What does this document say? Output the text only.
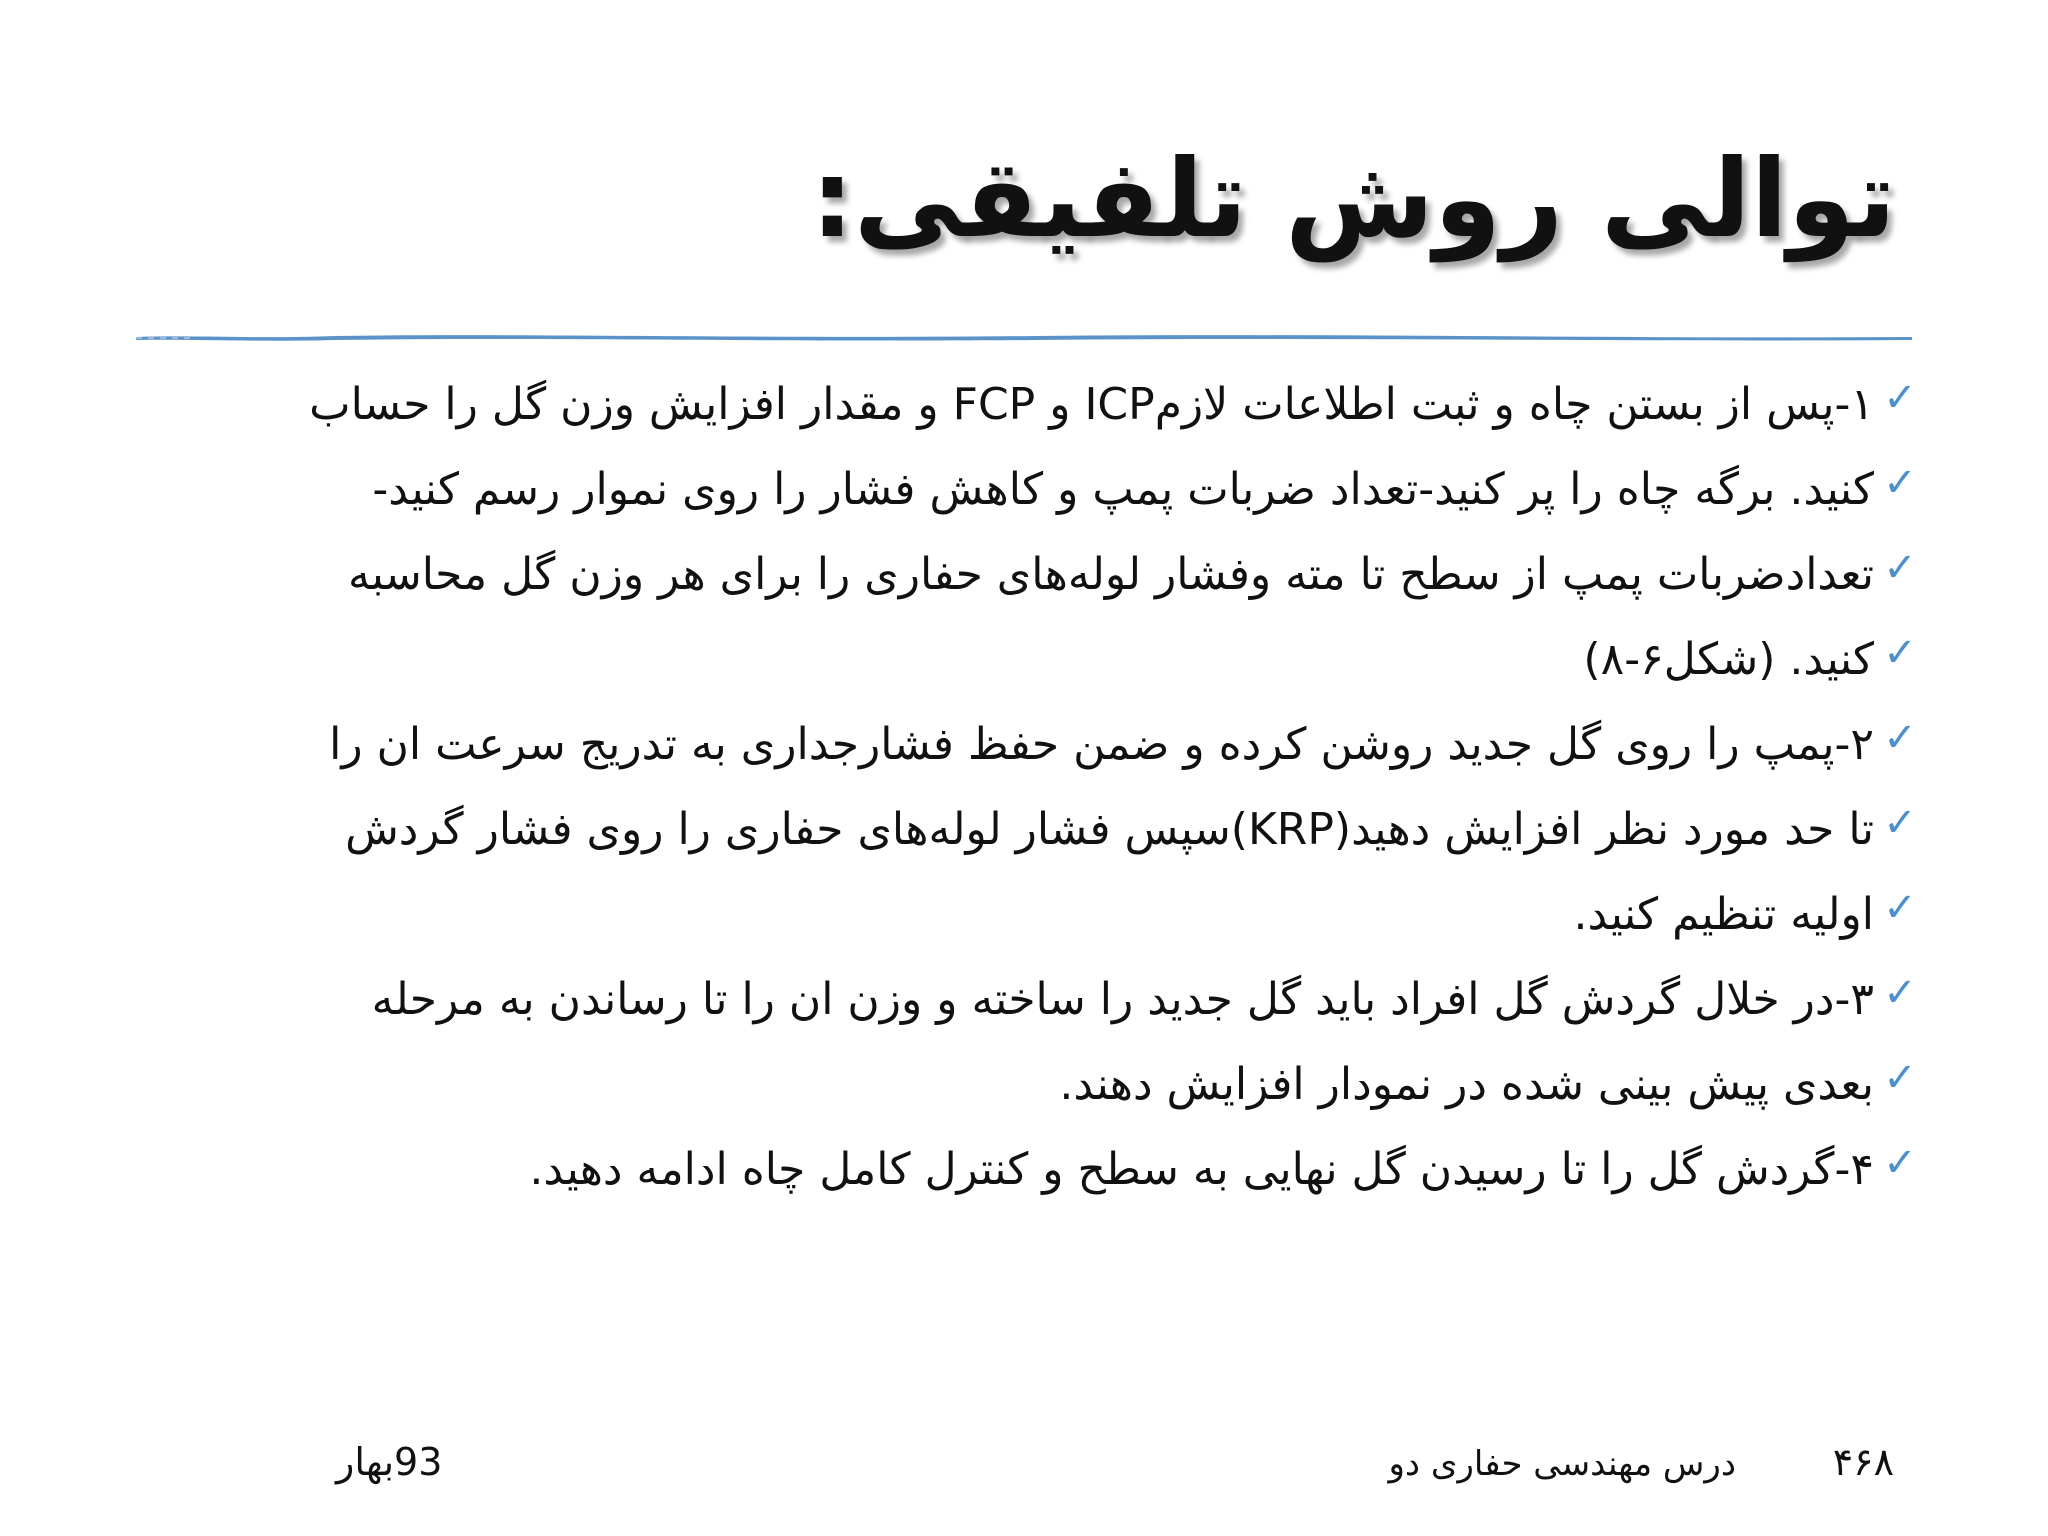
توالی روش تلفیقی:
✓
۱-پس از بستن چاه و ثبت اطلاعات لازمICP و FCP و مقدار افزایش وزن گل را حساب
✓
کنید. برگه چاه را پر کنید-تعداد ضربات پمپ و کاهش فشار را روی نموار رسم کنید-
✓
تعدادضربات پمپ از سطح تا مته وفشار لوله‌های حفاری را برای هر وزن گل محاسبه
✓
کنید. (شکل۶-۸)
✓
۲-پمپ را روی گل جدید روشن کرده و ضمن حفظ فشارجداری به تدریج سرعت ان را
✓
تا حد مورد نظر افزایش دهید(KRP)سپس فشار لوله‌های حفاری را روی فشار گردش
✓
اولیه تنظیم کنید.
✓
۳-در خلال گردش گل افراد باید گل جدید را ساخته و وزن ان را تا رساندن به مرحله
✓
بعدی پیش بینی شده در نمودار افزایش دهند.
✓
۴-گردش گل را تا رسیدن گل نهایی به سطح و کنترل کامل چاه ادامه دهید.
۴۶۸
درس مهندسی حفاری دو
93بهار
